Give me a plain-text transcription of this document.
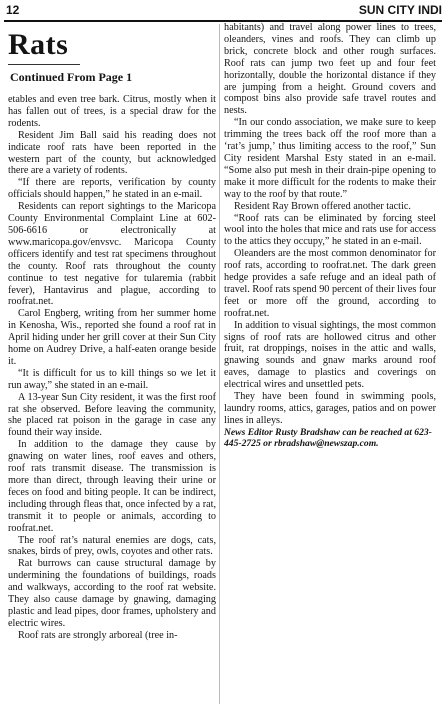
12	SUN CITY INDI
Rats
Continued From Page 1

etables and even tree bark. Citrus, mostly when it has fallen out of trees, is a special draw for the rodents.

Resident Jim Ball said his reading does not indicate roof rats have been reported in the western part of the county, but acknowledged there are a variety of rodents.

“If there are reports, verification by county officials should happen,” he stated in an e-mail.

Residents can report sightings to the Maricopa County Environmental Complaint Line at 602-506-6616 or electronically at www.maricopa.gov/envsvc. Maricopa County officers identify and test rat specimens throughout the county. Roof rats throughout the county continue to test negative for tularemia (rabbit fever), Hantavirus and plague, according to roofrat.net.

Carol Engberg, writing from her summer home in Kenosha, Wis., reported she found a roof rat in April hiding under her grill cover at their Sun City home on Audrey Drive, a half-eaten orange beside it.

“It is difficult for us to kill things so we let it run away,” she stated in an e-mail.

A 13-year Sun City resident, it was the first roof rat she observed. Before leaving the community, she placed rat poison in the garage in case any found their way inside.

In addition to the damage they cause by gnawing on water lines, roof eaves and others, roof rats transmit disease. The transmission is more than direct, through leaving their urine or feces on food and biting people. It can be indirect, including through fleas that, once infected by a rat, transmit it to people or animals, according to roofrat.net.

The roof rat’s natural enemies are dogs, cats, snakes, birds of prey, owls, coyotes and other rats.

Rat burrows can cause structural damage by undermining the foundations of buildings, roads and walkways, according to the roof rat website. They also cause damage by gnawing, damaging plastic and lead pipes, door frames, upholstery and electric wires.

Roof rats are strongly arboreal (tree in-

habitants) and travel along power lines to trees, oleanders, vines and roofs. They can climb up brick, concrete block and other rough surfaces. Roof rats can jump two feet up and four feet horizontally, double the horizontal distance if they are jumping from a height. Ground covers and compost bins also provide safe travel routes and nests.

“In our condo association, we make sure to keep trimming the trees back off the roof more than a ‘rat’s jump,’ thus limiting access to the roof,” Sun City resident Marshal Esty stated in an e-mail. “Some also put mesh in their drain-pipe opening to make it more difficult for the rodents to make their way to the roof by that route.”

Resident Ray Brown offered another tactic.

“Roof rats can be eliminated by forcing steel wool into the holes that mice and rats use for access to the attics they occupy,” he stated in an e-mail.

Oleanders are the most common denominator for roof rats, according to roofrat.net. The dark green hedge provides a safe refuge and an ideal path of travel. Roof rats spend 90 percent of their lives four feet or more off the ground, according to roofrat.net.

In addition to visual sightings, the most common signs of roof rats are hollowed citrus and other fruit, rat droppings, noises in the attic and walls, gnawing sounds and gnaw marks around roof eaves, damage to plastics and coverings on electrical wires and unsettled pets.

They have been found in swimming pools, laundry rooms, attics, garages, patios and on power lines in alleys.

News Editor Rusty Bradshaw can be reached at 623-445-2725 or rbradshaw@newszap.com.
